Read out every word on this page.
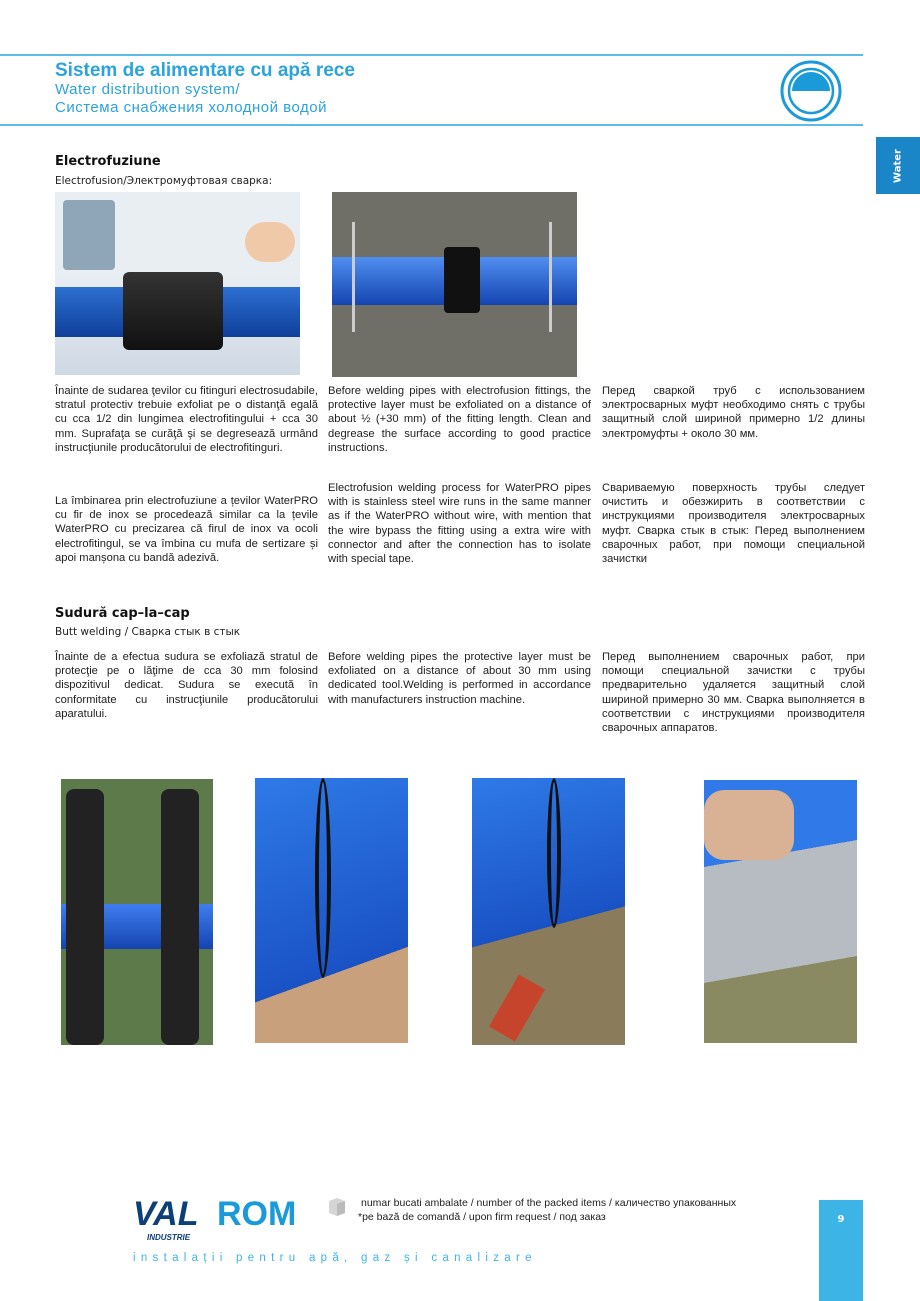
Sistem de alimentare cu apă rece
Water distribution system/
Система снабжения холодной водой
Water
Electrofuziune
Electrofusion/Электромуфтовая сварка:
Înainte de sudarea ţevilor cu fitinguri electrosudabile, stratul protectiv trebuie exfoliat pe o distanţă egală cu cca 1/2 din lungimea electrofitingului + cca 30 mm. Suprafaţa se curăţă şi se degresează urmând instrucţiunile producătorului de electrofitinguri.
La îmbinarea prin electrofuziune a țevilor WaterPRO cu fir de inox se procedează similar ca la țevile WaterPRO cu precizarea că firul de inox va ocoli electrofitingul, se va îmbina cu mufa de sertizare și apoi manșona cu bandă adezivă.
Before welding pipes with electrofusion fittings, the protective layer must be exfoliated on a distance of about ½ (+30 mm) of the fitting length. Clean and degrease the surface according to good practice instructions.
Electrofusion welding process for WaterPRO pipes with is stainless steel wire runs in the same manner as if the WaterPRO without wire, with mention that the wire bypass the fitting using a extra wire with connector and after the connection has to isolate with special tape.
Перед сваркой труб с использованием электросварных муфт необходимо снять с трубы защитный слой шириной примерно 1/2 длины электромуфты + около 30 мм.
Свариваемую поверхность трубы следует очистить и обезжирить в соответствии с инструкциями производителя электросварных муфт. Сварка стык в стык: Перед выполнением сварочных работ, при помощи специальной зачистки
Sudură cap–la–cap
Butt welding / Сварка стык в стык
Înainte de a efectua sudura se exfoliază stratul de protecţie pe o lăţime de cca 30 mm folosind dispozitivul dedicat. Sudura se execută în conformitate cu instrucţiunile producătorului aparatului.
Before welding pipes the protective layer must be exfoliated on a distance of about 30 mm using dedicated tool.Welding is performed in accordance with manufacturers instruction machine.
Перед выполнением сварочных работ, при помощи специальной зачистки с трубы предварительно удаляется защитный слой шириной примерно 30 мм. Сварка выполняется в соответствии с инструкциями производителя сварочных аппаратов.
VAL ROM
INDUSTRIE
instalații pentru apă, gaz și canalizare
numar bucati ambalate / number of the packed items / каличество упакованных
*pe bază de comandă / upon firm request / под заказ	9
